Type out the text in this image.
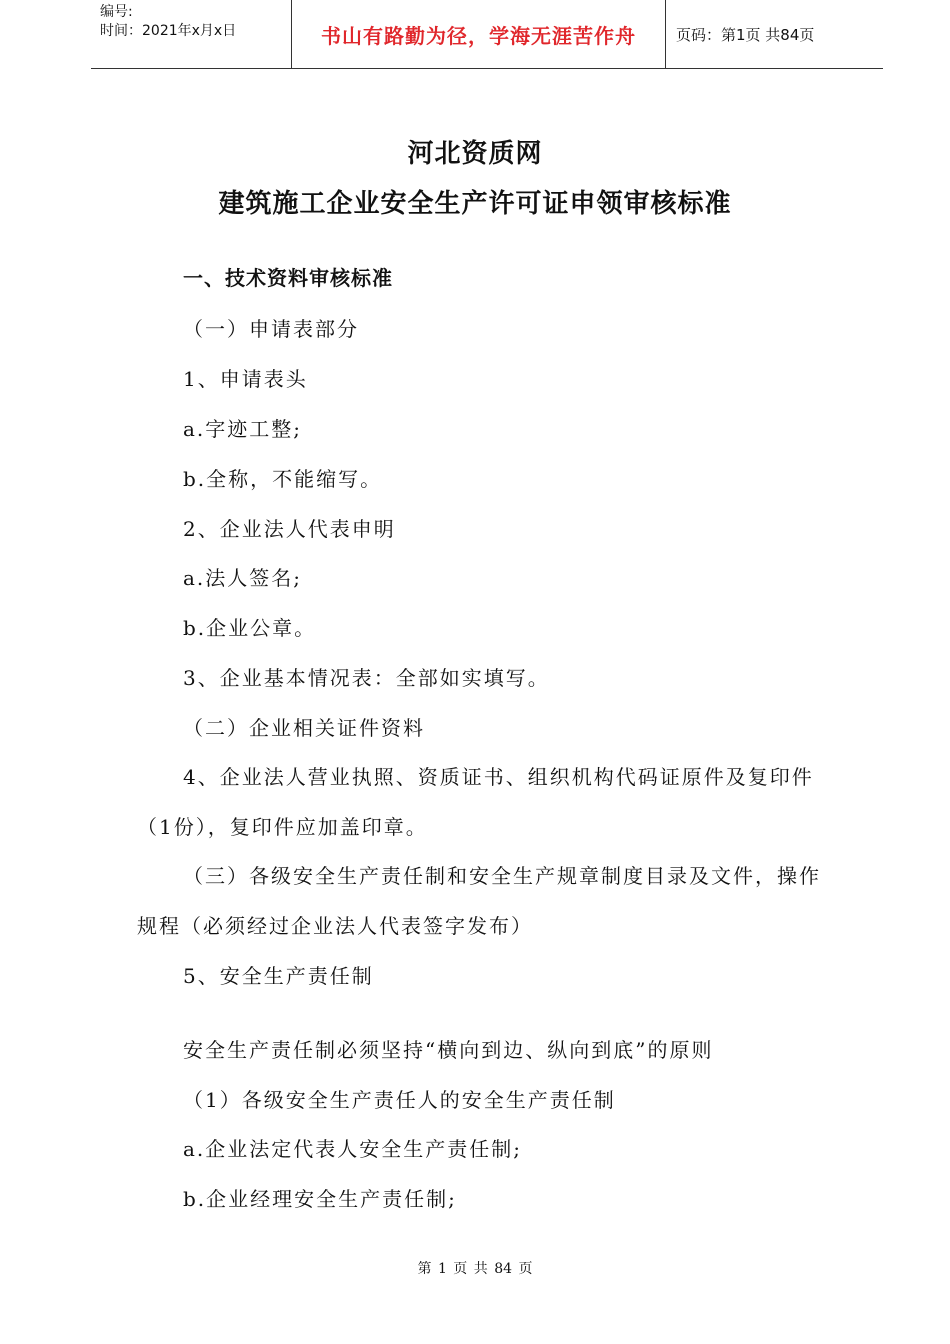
编号:
时间：2021年x月x日	书山有路勤为径，学海无涯苦作舟	页码：第1页 共84页
河北资质网
建筑施工企业安全生产许可证申领审核标准
一、技术资料审核标准
（一）申请表部分
1、申请表头
a.字迹工整;
b.全称，不能缩写。
2、企业法人代表申明
a.法人签名;
b.企业公章。
3、企业基本情况表：全部如实填写。
（二）企业相关证件资料
4、企业法人营业执照、资质证书、组织机构代码证原件及复印件
（1份），复印件应加盖印章。
（三）各级安全生产责任制和安全生产规章制度目录及文件，操作
规程（必须经过企业法人代表签字发布）
5、安全生产责任制
安全生产责任制必须坚持“横向到边、纵向到底”的原则
（1）各级安全生产责任人的安全生产责任制
a.企业法定代表人安全生产责任制;
b.企业经理安全生产责任制;
第 1 页 共 84 页
